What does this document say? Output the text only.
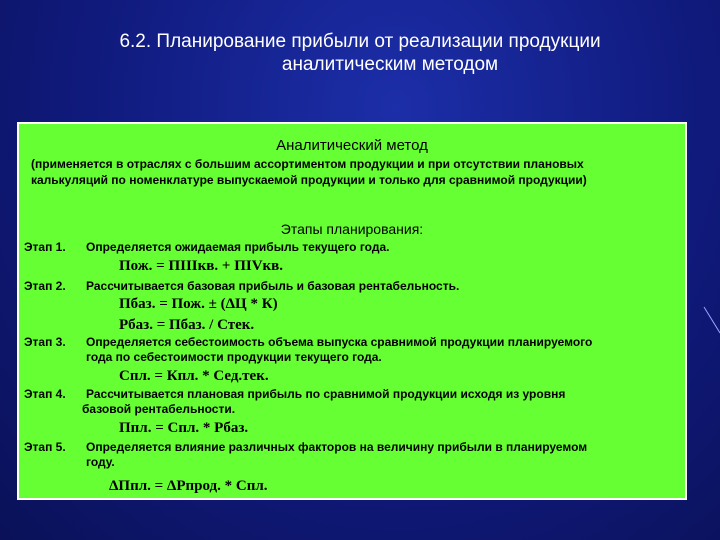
6.2. Планирование прибыли от реализации продукции
аналитическим методом
Аналитический метод
(применяется в отраслях с большим ассортиментом продукции и при отсутствии плановых
калькуляций по номенклатуре выпускаемой продукции и только для сравнимой продукции)
Этапы планирования:
Этап 1. Определяется ожидаемая прибыль текущего года.
Пож. = ПIIIкв. + ПIVкв.
Этап 2. Рассчитывается базовая прибыль и базовая рентабельность.
Пбаз. = Пож. ± (ΔЦ * К)
Рбаз. = Пбаз. / Стек.
Этап 3. Определяется себестоимость объема выпуска сравнимой продукции планируемого
года по себестоимости продукции текущего года.
Спл. = Кпл. * Сед.тек.
Этап 4. Рассчитывается плановая прибыль по сравнимой продукции исходя из уровня
базовой рентабельности.
Ппл. = Спл. * Рбаз.
Этап 5. Определяется влияние различных факторов на величину прибыли в планируемом
году.
ΔПпл. = ΔРпрод. * Спл.
